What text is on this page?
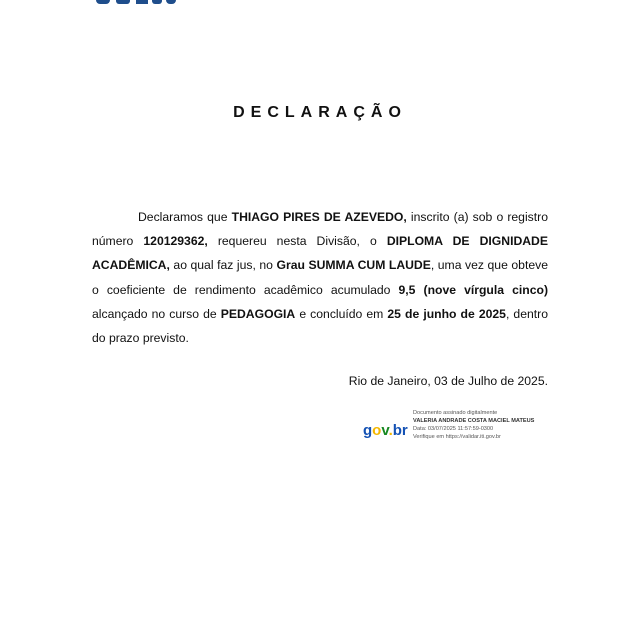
DECLARAÇÃO
Declaramos que THIAGO PIRES DE AZEVEDO, inscrito (a) sob o registro número 120129362, requereu nesta Divisão, o DIPLOMA DE DIGNIDADE ACADÊMICA, ao qual faz jus, no Grau SUMMA CUM LAUDE, uma vez que obteve o coeficiente de rendimento acadêmico acumulado 9,5 (nove vírgula cinco) alcançado no curso de PEDAGOGIA e concluído em 25 de junho de 2025, dentro do prazo previsto.
Rio de Janeiro, 03 de Julho de 2025.
gov.br
Documento assinado digitalmente
VALERIA ANDRADE COSTA MACIEL MATEUS
Data: 03/07/2025 11:57:59-0300
Verifique em https://validar.iti.gov.br
